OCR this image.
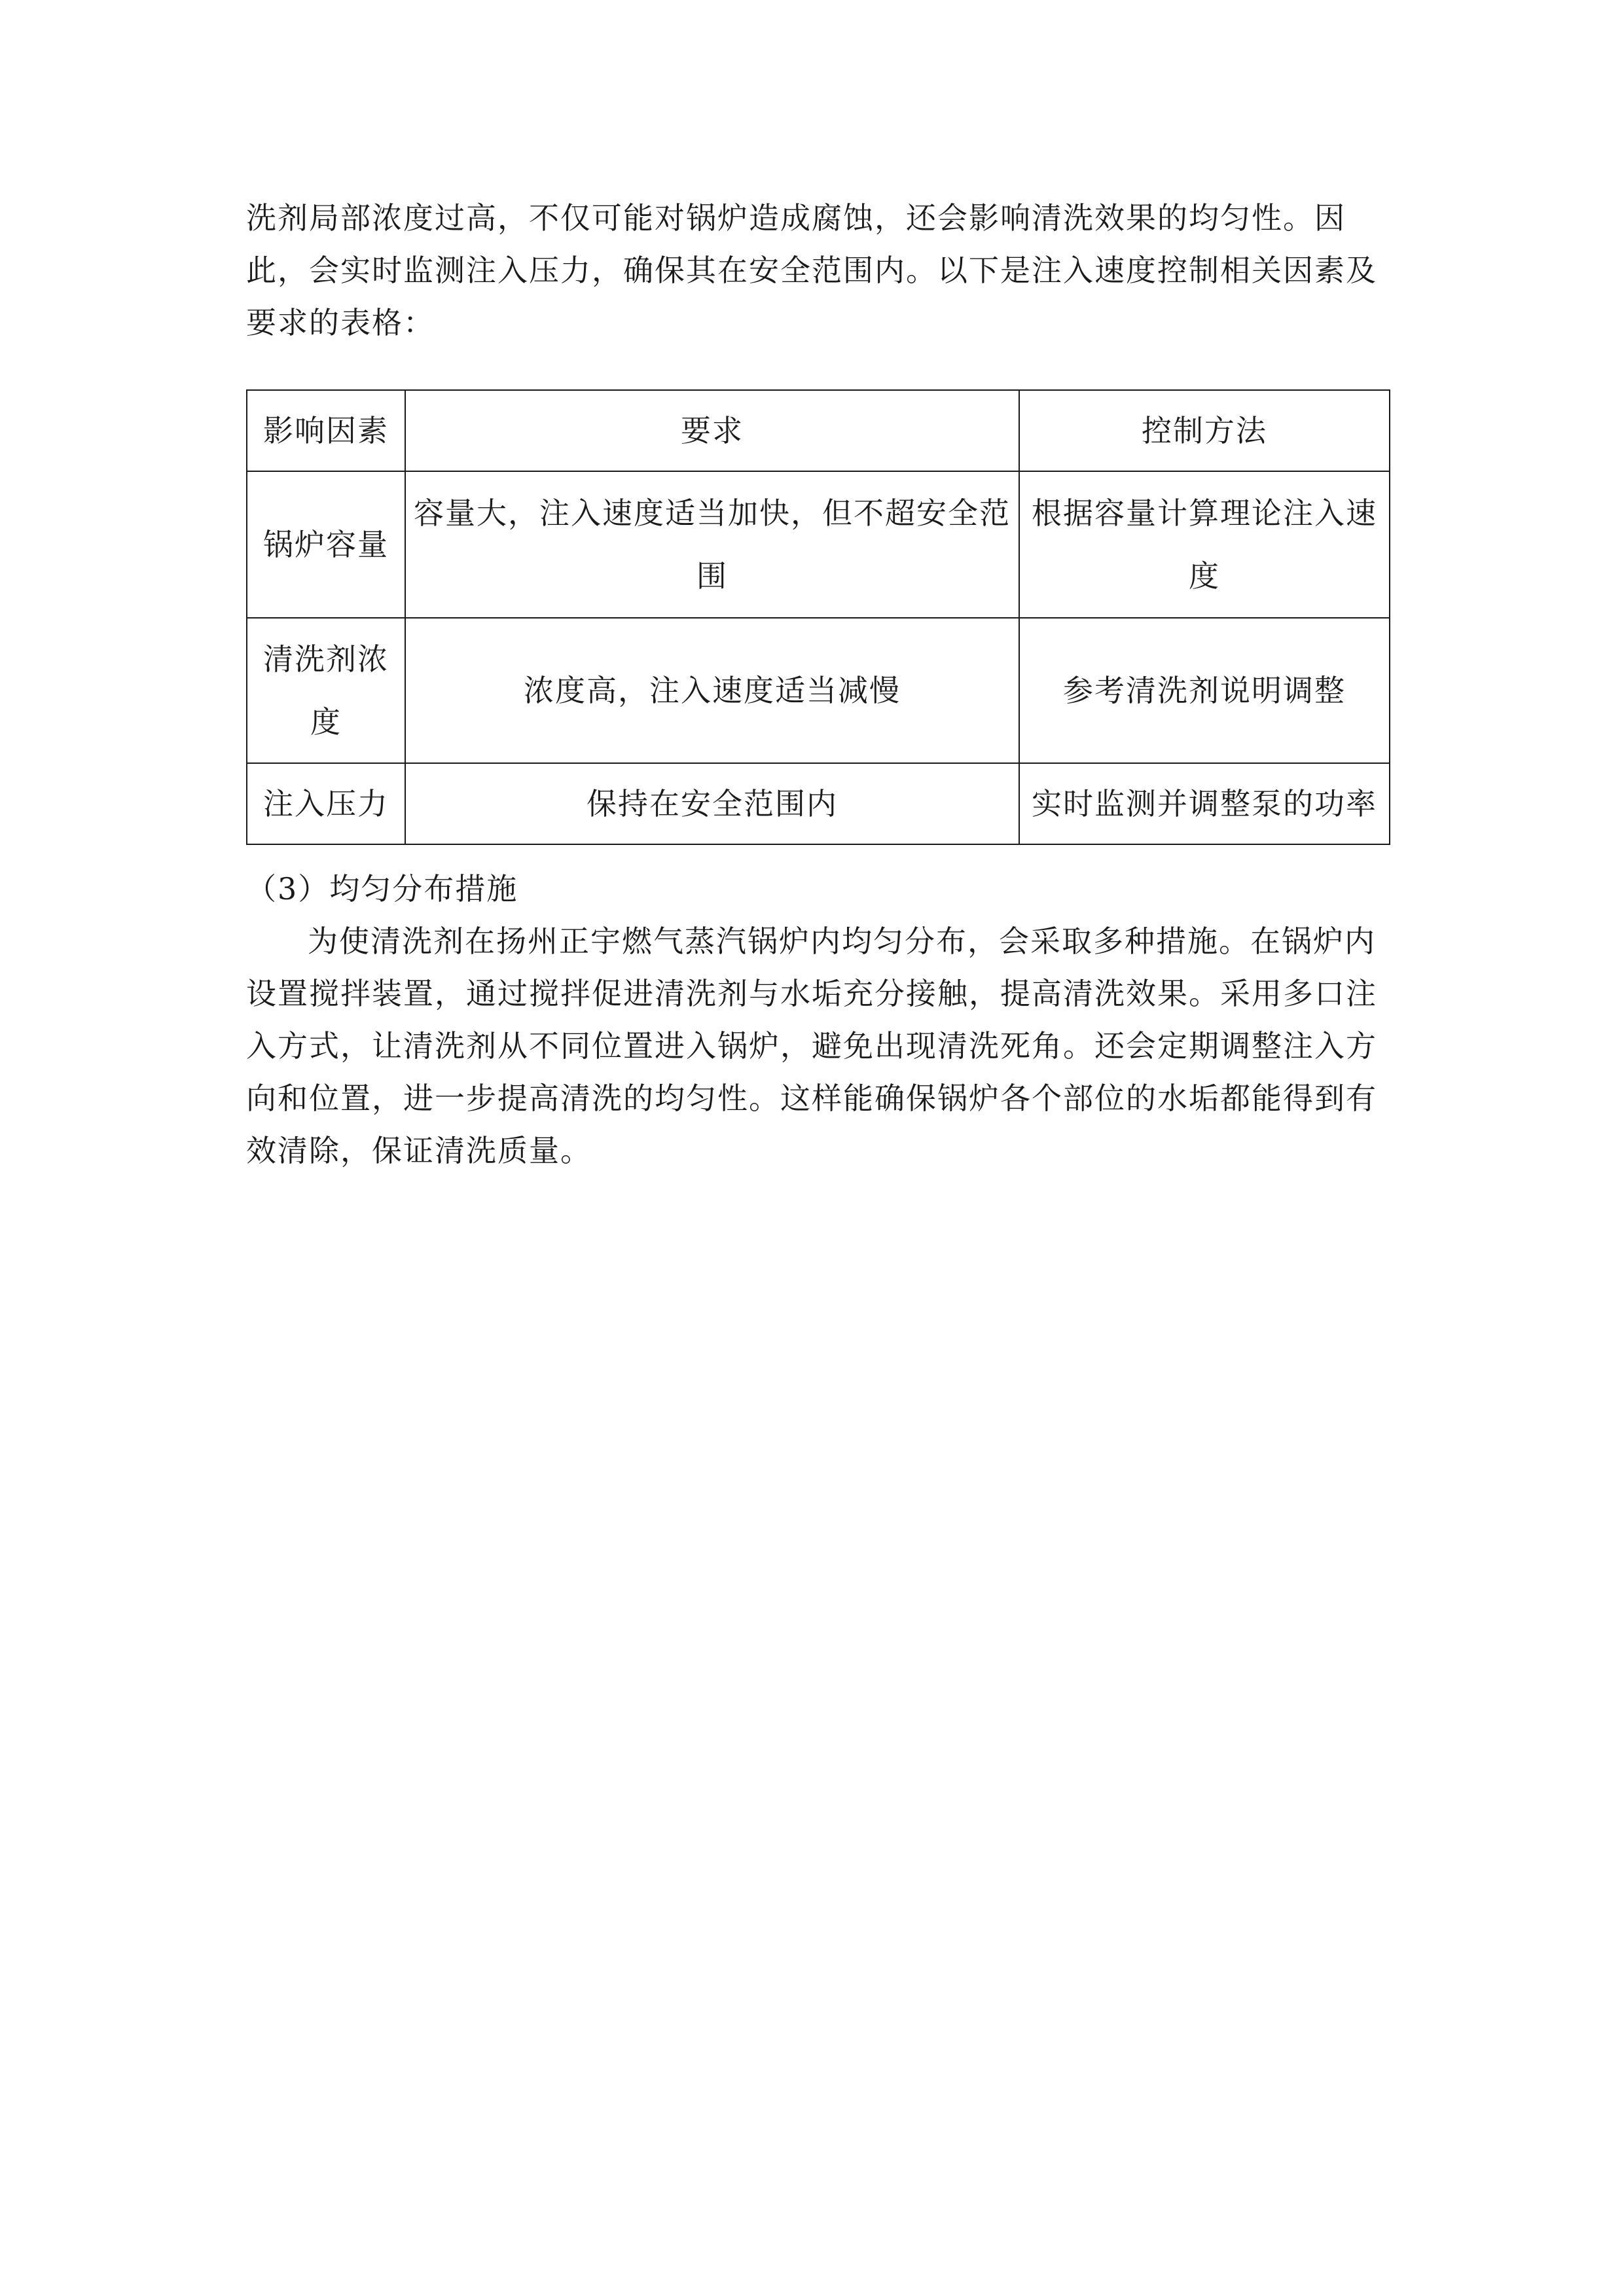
洗剂局部浓度过高，不仅可能对锅炉造成腐蚀，还会影响清洗效果的均匀性。因此，会实时监测注入压力，确保其在安全范围内。以下是注入速度控制相关因素及要求的表格：

影响因素	要求	控制方法
锅炉容量	容量大，注入速度适当加快，但不超安全范围	根据容量计算理论注入速度
清洗剂浓度	浓度高，注入速度适当减慢	参考清洗剂说明调整
注入压力	保持在安全范围内	实时监测并调整泵的功率

（3）均匀分布措施

为使清洗剂在扬州正宇燃气蒸汽锅炉内均匀分布，会采取多种措施。在锅炉内设置搅拌装置，通过搅拌促进清洗剂与水垢充分接触，提高清洗效果。采用多口注入方式，让清洗剂从不同位置进入锅炉，避免出现清洗死角。还会定期调整注入方向和位置，进一步提高清洗的均匀性。这样能确保锅炉各个部位的水垢都能得到有效清除，保证清洗质量。
